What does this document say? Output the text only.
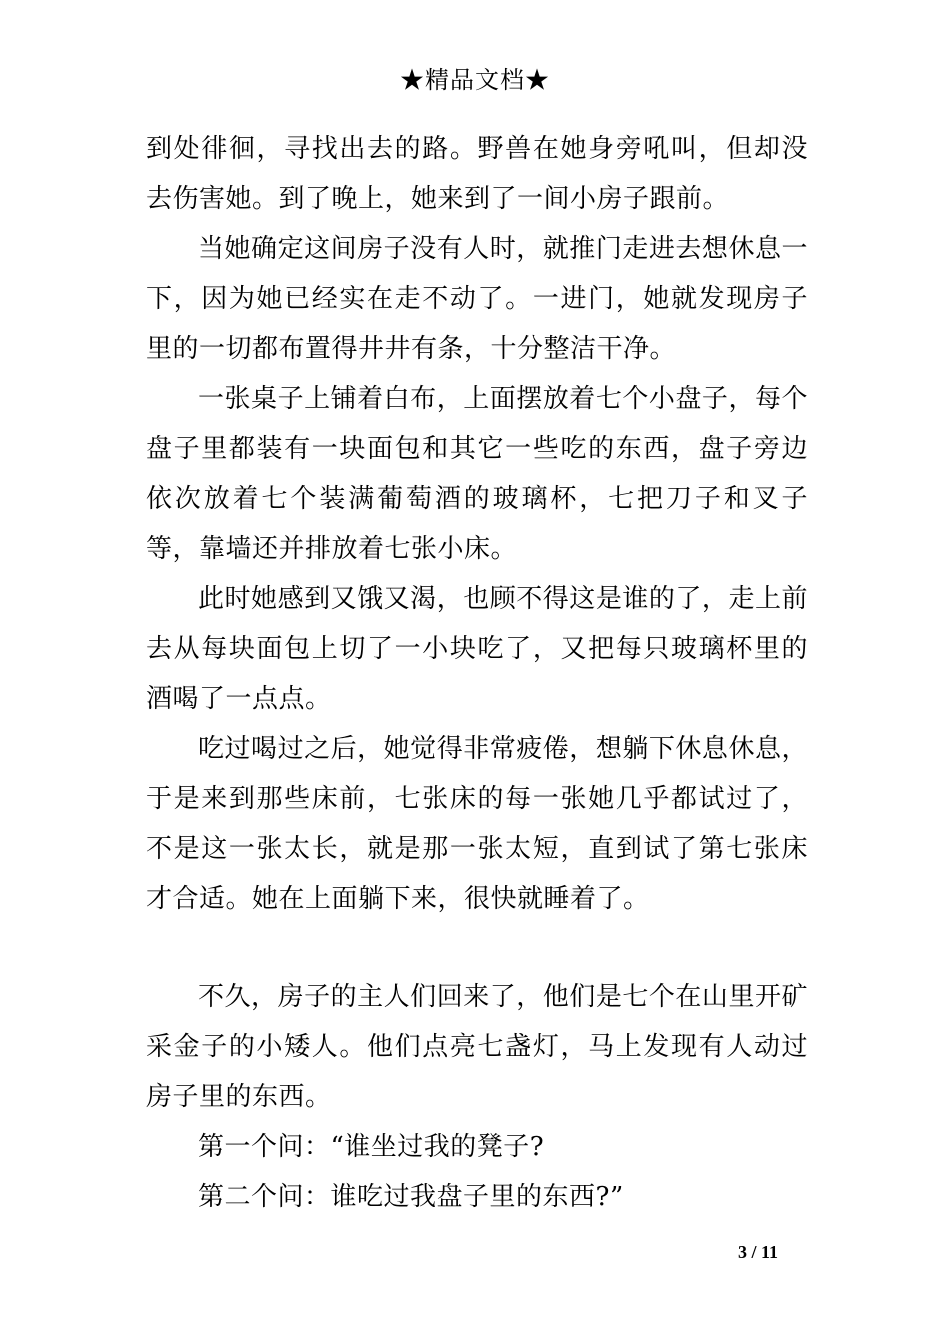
★精品文档★

到处徘徊，寻找出去的路。野兽在她身旁吼叫，但却没去伤害她。到了晚上，她来到了一间小房子跟前。

当她确定这间房子没有人时，就推门走进去想休息一下，因为她已经实在走不动了。一进门，她就发现房子里的一切都布置得井井有条，十分整洁干净。

一张桌子上铺着白布，上面摆放着七个小盘子，每个盘子里都装有一块面包和其它一些吃的东西，盘子旁边依次放着七个装满葡萄酒的玻璃杯，七把刀子和叉子等，靠墙还并排放着七张小床。

此时她感到又饿又渴，也顾不得这是谁的了，走上前去从每块面包上切了一小块吃了，又把每只玻璃杯里的酒喝了一点点。

吃过喝过之后，她觉得非常疲倦，想躺下休息休息，于是来到那些床前，七张床的每一张她几乎都试过了，不是这一张太长，就是那一张太短，直到试了第七张床才合适。她在上面躺下来，很快就睡着了。

不久，房子的主人们回来了，他们是七个在山里开矿采金子的小矮人。他们点亮七盏灯，马上发现有人动过房子里的东西。

第一个问：“谁坐过我的凳子?

第二个问：谁吃过我盘子里的东西?”

3 / 11
